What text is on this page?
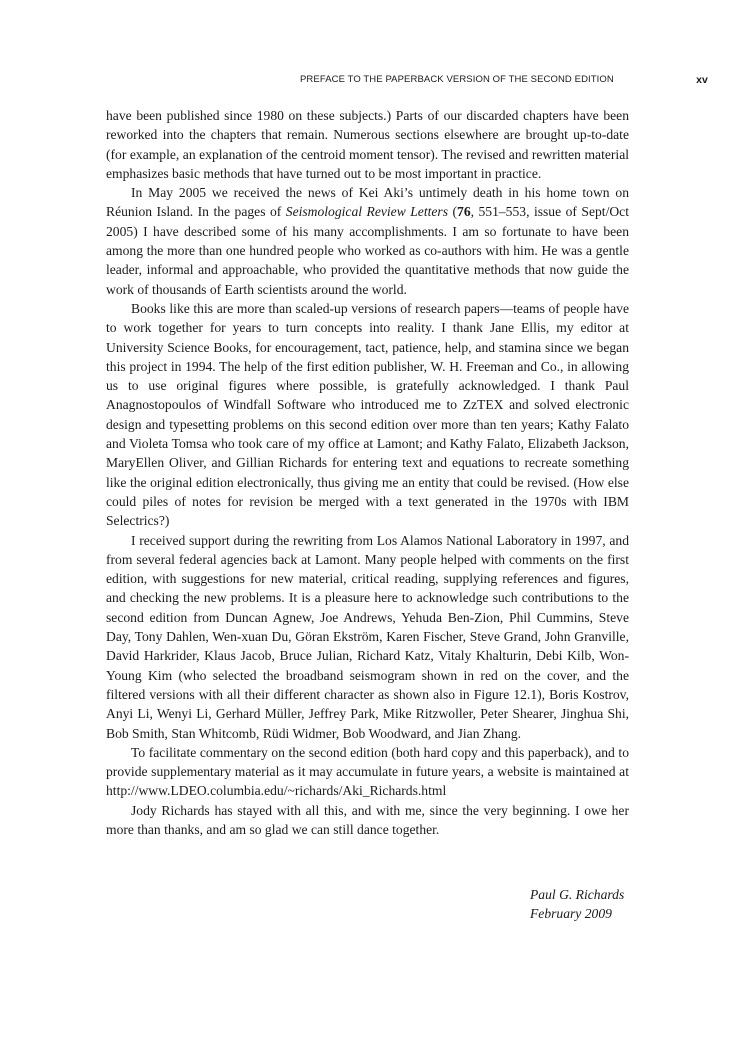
PREFACE TO THE PAPERBACK VERSION OF THE SECOND EDITION	xv

have been published since 1980 on these subjects.) Parts of our discarded chapters have been reworked into the chapters that remain. Numerous sections elsewhere are brought up-to-date (for example, an explanation of the centroid moment tensor). The revised and rewritten material emphasizes basic methods that have turned out to be most important in practice.

In May 2005 we received the news of Kei Aki’s untimely death in his home town on Réunion Island. In the pages of Seismological Review Letters (76, 551–553, issue of Sept/Oct 2005) I have described some of his many accomplishments. I am so fortunate to have been among the more than one hundred people who worked as co-authors with him. He was a gentle leader, informal and approachable, who provided the quantitative methods that now guide the work of thousands of Earth scientists around the world.

Books like this are more than scaled-up versions of research papers—teams of people have to work together for years to turn concepts into reality. I thank Jane Ellis, my editor at University Science Books, for encouragement, tact, patience, help, and stamina since we began this project in 1994. The help of the first edition publisher, W. H. Freeman and Co., in allowing us to use original figures where possible, is gratefully acknowledged. I thank Paul Anagnostopoulos of Windfall Software who introduced me to ZzTEX and solved electronic design and typesetting problems on this second edition over more than ten years; Kathy Falato and Violeta Tomsa who took care of my office at Lamont; and Kathy Falato, Elizabeth Jackson, MaryEllen Oliver, and Gillian Richards for entering text and equations to recreate something like the original edition electronically, thus giving me an entity that could be revised. (How else could piles of notes for revision be merged with a text generated in the 1970s with IBM Selectrics?)

I received support during the rewriting from Los Alamos National Laboratory in 1997, and from several federal agencies back at Lamont. Many people helped with comments on the first edition, with suggestions for new material, critical reading, supplying references and figures, and checking the new problems. It is a pleasure here to acknowledge such contributions to the second edition from Duncan Agnew, Joe Andrews, Yehuda Ben-Zion, Phil Cummins, Steve Day, Tony Dahlen, Wen-xuan Du, Göran Ekström, Karen Fischer, Steve Grand, John Granville, David Harkrider, Klaus Jacob, Bruce Julian, Richard Katz, Vitaly Khalturin, Debi Kilb, Won-Young Kim (who selected the broadband seismogram shown in red on the cover, and the filtered versions with all their different character as shown also in Figure 12.1), Boris Kostrov, Anyi Li, Wenyi Li, Gerhard Müller, Jeffrey Park, Mike Ritzwoller, Peter Shearer, Jinghua Shi, Bob Smith, Stan Whitcomb, Rüdi Widmer, Bob Woodward, and Jian Zhang.

To facilitate commentary on the second edition (both hard copy and this paperback), and to provide supplementary material as it may accumulate in future years, a website is maintained at http://www.LDEO.columbia.edu/~richards/Aki_Richards.html

Jody Richards has stayed with all this, and with me, since the very beginning. I owe her more than thanks, and am so glad we can still dance together.

Paul G. Richards
February 2009
